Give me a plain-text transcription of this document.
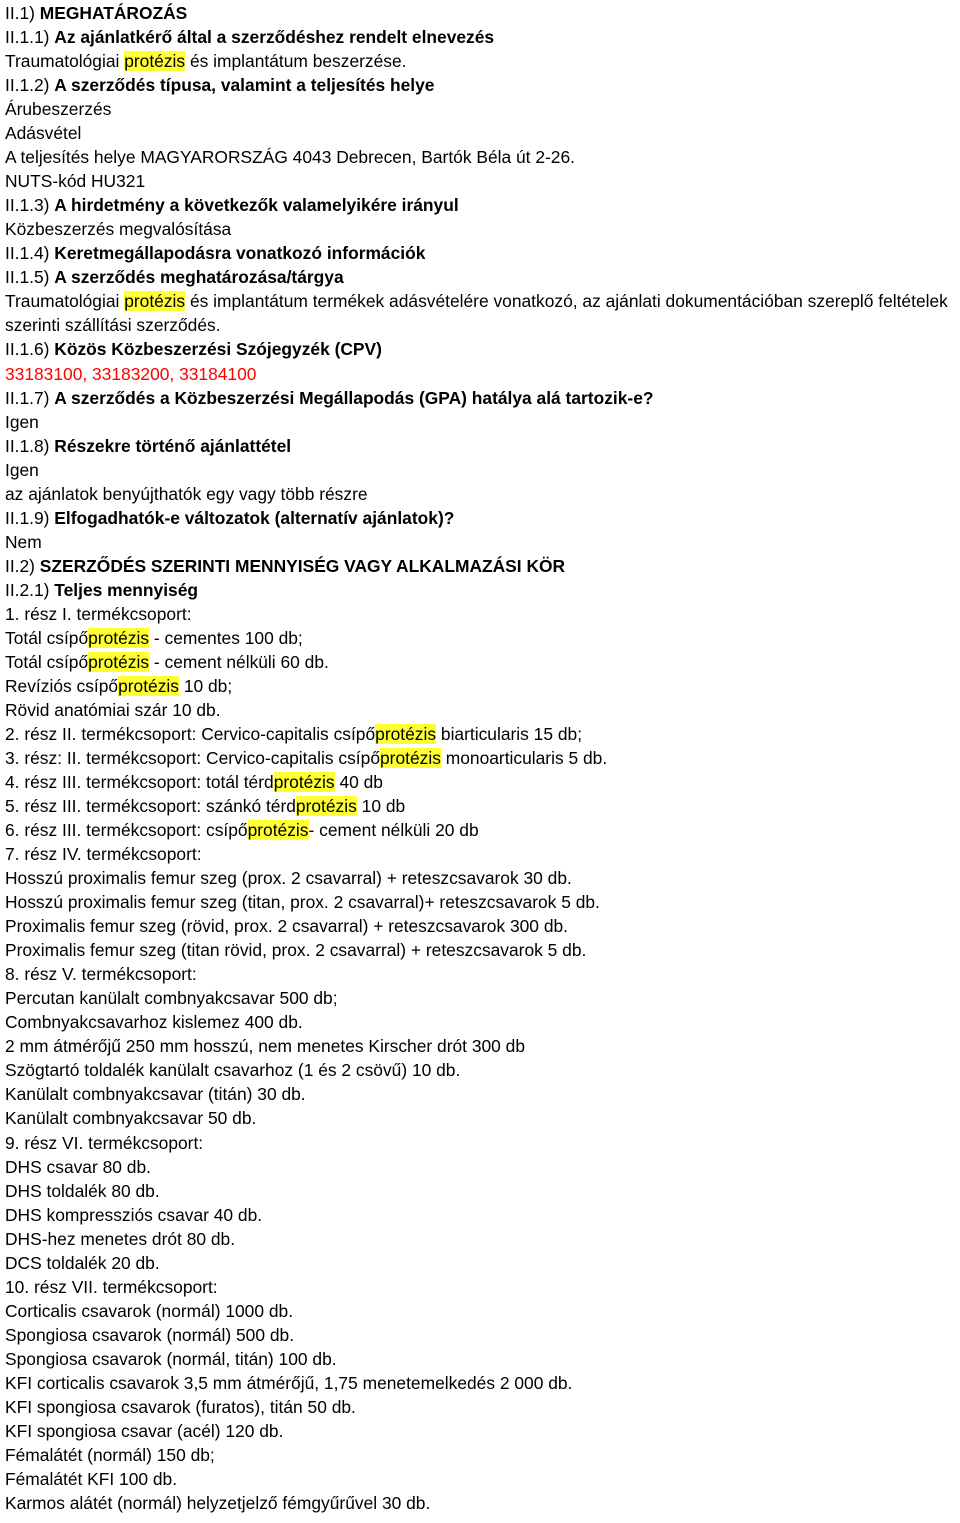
II.1) MEGHATÁROZÁS
II.1.1) Az ajánlatkérő által a szerződéshez rendelt elnevezés
Traumatológiai protézis és implantátum beszerzése.
II.1.2) A szerződés típusa, valamint a teljesítés helye
Árubeszerzés
Adásvétel
A teljesítés helye MAGYARORSZÁG 4043 Debrecen, Bartók Béla út 2-26.
NUTS-kód HU321
II.1.3) A hirdetmény a következők valamelyikére irányul
Közbeszerzés megvalósítása
II.1.4) Keretmegállapodásra vonatkozó információk
II.1.5) A szerződés meghatározása/tárgya
Traumatológiai protézis és implantátum termékek adásvételére vonatkozó, az ajánlati dokumentációban szereplő feltételek szerinti szállítási szerződés.
II.1.6) Közös Közbeszerzési Szójegyzék (CPV)
33183100, 33183200, 33184100
II.1.7) A szerződés a Közbeszerzési Megállapodás (GPA) hatálya alá tartozik-e?
Igen
II.1.8) Részekre történő ajánlattétel
Igen
az ajánlatok benyújthatók egy vagy több részre
II.1.9) Elfogadhatók-e változatok (alternatív ajánlatok)?
Nem
II.2) SZERZŐDÉS SZERINTI MENNYISÉG VAGY ALKALMAZÁSI KÖR
II.2.1) Teljes mennyiség
1. rész I. termékcsoport:
Totál csípőprotézis - cementes 100 db;
Totál csípőprotézis - cement nélküli 60 db.
Revíziós csípőprotézis 10 db;
Rövid anatómiai szár 10 db.
2. rész II. termékcsoport: Cervico-capitalis csípőprotézis biarticularis 15 db;
3. rész: II. termékcsoport: Cervico-capitalis csípőprotézis monoarticularis 5 db.
4. rész III. termékcsoport: totál térdprotézis 40 db
5. rész III. termékcsoport: szánkó térdprotézis 10 db
6. rész III. termékcsoport: csípőprotézis- cement nélküli 20 db
7. rész IV. termékcsoport:
Hosszú proximalis femur szeg (prox. 2 csavarral) + reteszcsavarok 30 db.
Hosszú proximalis femur szeg (titan, prox. 2 csavarral)+ reteszcsavarok 5 db.
Proximalis femur szeg (rövid, prox. 2 csavarral) + reteszcsavarok 300 db.
Proximalis femur szeg (titan rövid, prox. 2 csavarral) + reteszcsavarok 5 db.
8. rész V. termékcsoport:
Percutan kanülalt combnyakcsavar 500 db;
Combnyakcsavarhoz kislemez 400 db.
2 mm átmérőjű 250 mm hosszú, nem menetes Kirscher drót 300 db
Szögtartó toldalék kanülalt csavarhoz (1 és 2 csövű) 10 db.
Kanülalt combnyakcsavar (titán) 30 db.
Kanülalt combnyakcsavar 50 db.
9. rész VI. termékcsoport:
DHS csavar 80 db.
DHS toldalék 80 db.
DHS kompressziós csavar 40 db.
DHS-hez menetes drót 80 db.
DCS toldalék 20 db.
10. rész VII. termékcsoport:
Corticalis csavarok (normál) 1000 db.
Spongiosa csavarok (normál) 500 db.
Spongiosa csavarok (normál, titán) 100 db.
KFI corticalis csavarok 3,5 mm átmérőjű, 1,75 menetemelkedés 2 000 db.
KFI spongiosa csavarok (furatos), titán 50 db.
KFI spongiosa csavar (acél) 120 db.
Fémalátét (normál) 150 db;
Fémalátét KFI 100 db.
Karmos alátét (normál) helyzetjelző fémgyűrűvel 30 db.
